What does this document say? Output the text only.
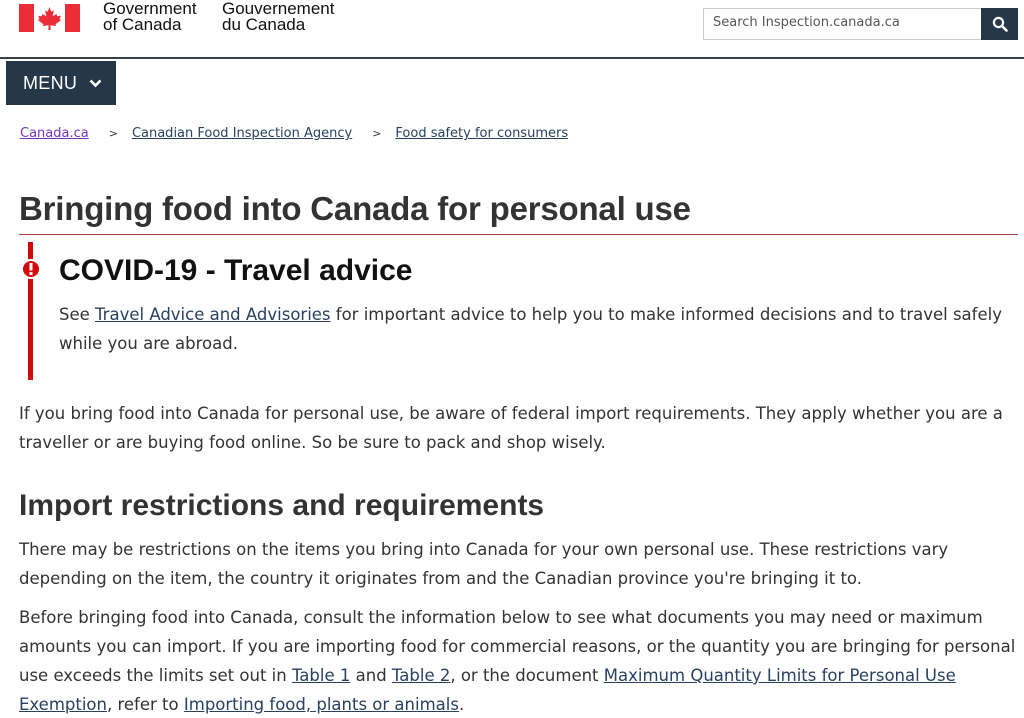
Government
of Canada
Gouvernement
du Canada	Search Inspection.canada.ca
MENU
Canada.ca > Canadian Food Inspection Agency > Food safety for consumers
Bringing food into Canada for personal use
COVID-19 - Travel advice

See Travel Advice and Advisories for important advice to help you to make informed decisions and to travel safely while you are abroad.

If you bring food into Canada for personal use, be aware of federal import requirements. They apply whether you are a traveller or are buying food online. So be sure to pack and shop wisely.

Import restrictions and requirements

There may be restrictions on the items you bring into Canada for your own personal use. These restrictions vary depending on the item, the country it originates from and the Canadian province you're bringing it to.

Before bringing food into Canada, consult the information below to see what documents you may need or maximum amounts you can import. If you are importing food for commercial reasons, or the quantity you are bringing for personal use exceeds the limits set out in Table 1 and Table 2, or the document Maximum Quantity Limits for Personal Use Exemption, refer to Importing food, plants or animals.
